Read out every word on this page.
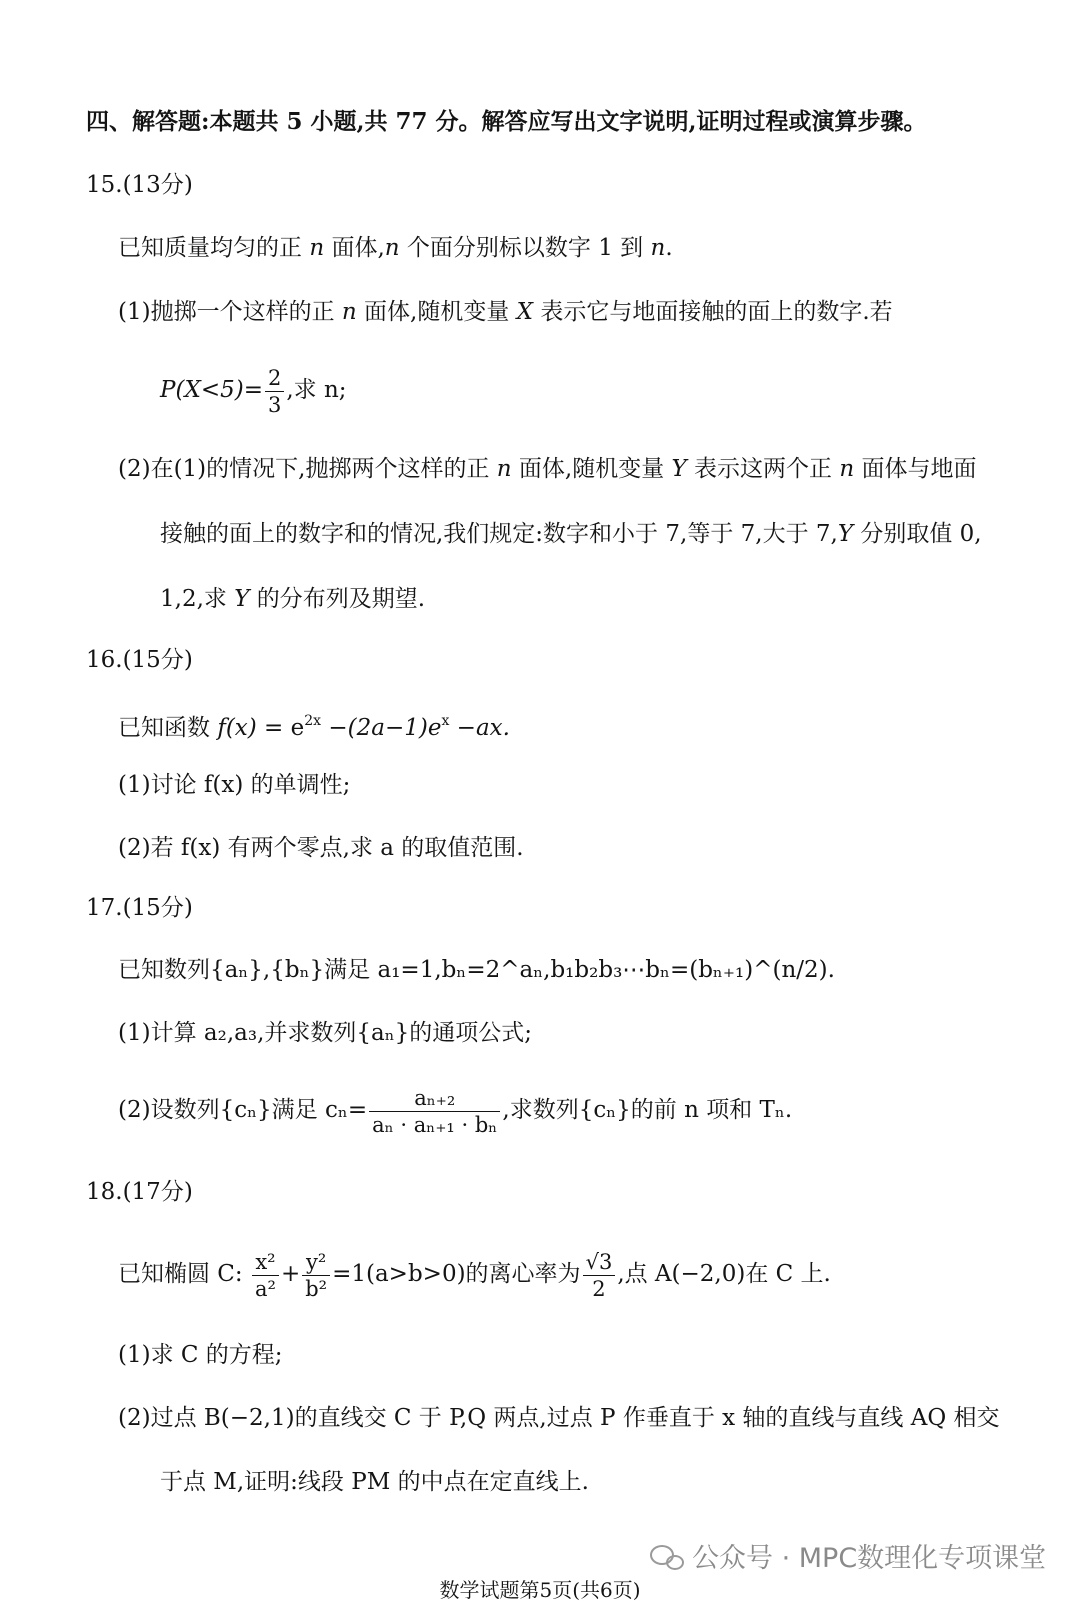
四、解答题:本题共 5 小题,共 77 分。解答应写出文字说明,证明过程或演算步骤。
15.(13分)
已知质量均匀的正 n 面体,n 个面分别标以数字 1 到 n.
(1)抛掷一个这样的正 n 面体,随机变量 X 表示它与地面接触的面上的数字.若
$P(X<5)= \frac{2}{3}$ ,求 n;
(2)在(1)的情况下,抛掷两个这样的正 n 面体,随机变量 Y 表示这两个正 n 面体与地面
接触的面上的数字和的情况,我们规定:数字和小于 7,等于 7,大于 7,Y 分别取值 0,
1,2,求 Y 的分布列及期望.
16.(15分)
已知函数 $f(x) = e^{2x} -(2a-1)e^x -ax$.
(1)讨论 f(x) 的单调性;
(2)若 f(x) 有两个零点,求 a 的取值范围.
17.(15分)
已知数列{aₙ},{bₙ}满足 a₁=1,bₙ=2^aₙ,b₁b₂b₃⋯bₙ=(bₙ₊₁)^(n/2).
(1)计算 a₂,a₃,并求数列{aₙ}的通项公式;
(2)设数列{cₙ}满足 $c_n= \frac{\text{aₙ₊₂}}{\text{aₙ · aₙ₊₁ · bₙ}}$ ,求数列{cₙ}的前 n 项和 Tₙ.
18.(17分)
已知椭圆 C: $\frac{\text{x²}}{\text{a²}} + \frac{\text{y²}}{\text{b²}} =1(a>b>0)$的离心率为 $\frac{√3}{2}$ ,点 A(−2,0)在 C 上.
(1)求 C 的方程;
(2)过点 B(−2,1)的直线交 C 于 P,Q 两点,过点 P 作垂直于 x 轴的直线与直线 AQ 相交
于点 M,证明:线段 PM 的中点在定直线上.
公众号 · MPC数理化专项课堂
数学试题第5页(共6页)
